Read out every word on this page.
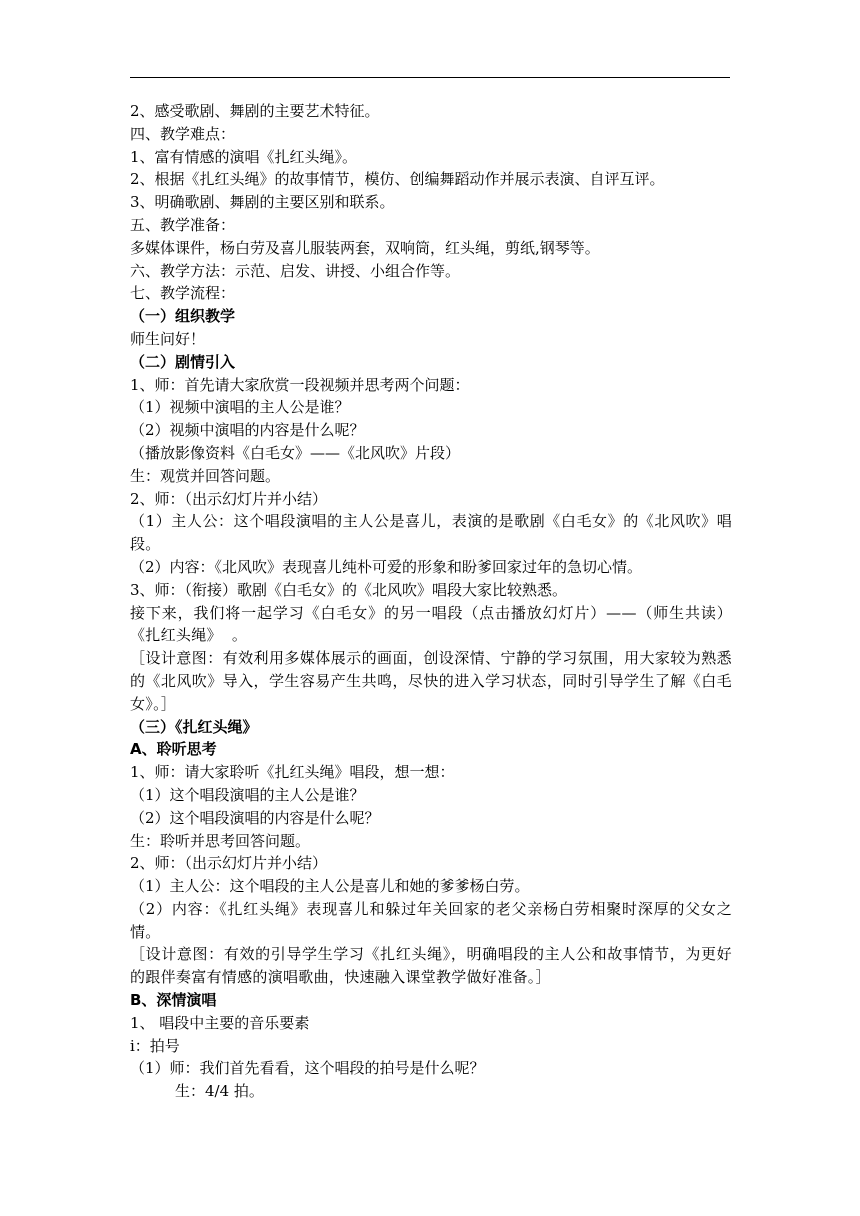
2、感受歌剧、舞剧的主要艺术特征。

四、教学难点：

1、富有情感的演唱《扎红头绳》。

2、根据《扎红头绳》的故事情节，模仿、创编舞蹈动作并展示表演、自评互评。

3、明确歌剧、舞剧的主要区别和联系。

五、教学准备：

多媒体课件，杨白劳及喜儿服装两套，双响筒，红头绳，剪纸,钢琴等。

六、教学方法：示范、启发、讲授、小组合作等。

七、教学流程：

（一）组织教学

师生问好！

（二）剧情引入

1、师：首先请大家欣赏一段视频并思考两个问题：

（1）视频中演唱的主人公是谁？

（2）视频中演唱的内容是什么呢？

（播放影像资料《白毛女》——《北风吹》片段）

生：观赏并回答问题。

2、师：（出示幻灯片并小结）

（1）主人公：这个唱段演唱的主人公是喜儿，表演的是歌剧《白毛女》的《北风吹》唱段。

（2）内容：《北风吹》表现喜儿纯朴可爱的形象和盼爹回家过年的急切心情。

3、师：（衔接）歌剧《白毛女》的《北风吹》唱段大家比较熟悉。

接下来，我们将一起学习《白毛女》的另一唱段（点击播放幻灯片）——（师生共读）《扎红头绳》  。

［设计意图：有效利用多媒体展示的画面，创设深情、宁静的学习氛围，用大家较为熟悉的《北风吹》导入，学生容易产生共鸣，尽快的进入学习状态，同时引导学生了解《白毛女》。］

（三）《扎红头绳》

A、聆听思考

1、师：请大家聆听《扎红头绳》唱段，想一想：

（1）这个唱段演唱的主人公是谁？

（2）这个唱段演唱的内容是什么呢？

生：聆听并思考回答问题。

2、师：（出示幻灯片并小结）

（1）主人公：这个唱段的主人公是喜儿和她的爹爹杨白劳。

（2）内容：《扎红头绳》表现喜儿和躲过年关回家的老父亲杨白劳相聚时深厚的父女之情。

［设计意图：有效的引导学生学习《扎红头绳》，明确唱段的主人公和故事情节，为更好的跟伴奏富有情感的演唱歌曲，快速融入课堂教学做好准备。］

B、深情演唱

1、 唱段中主要的音乐要素

i：拍号

（1）师：我们首先看看，这个唱段的拍号是什么呢？

生：4/4 拍。
